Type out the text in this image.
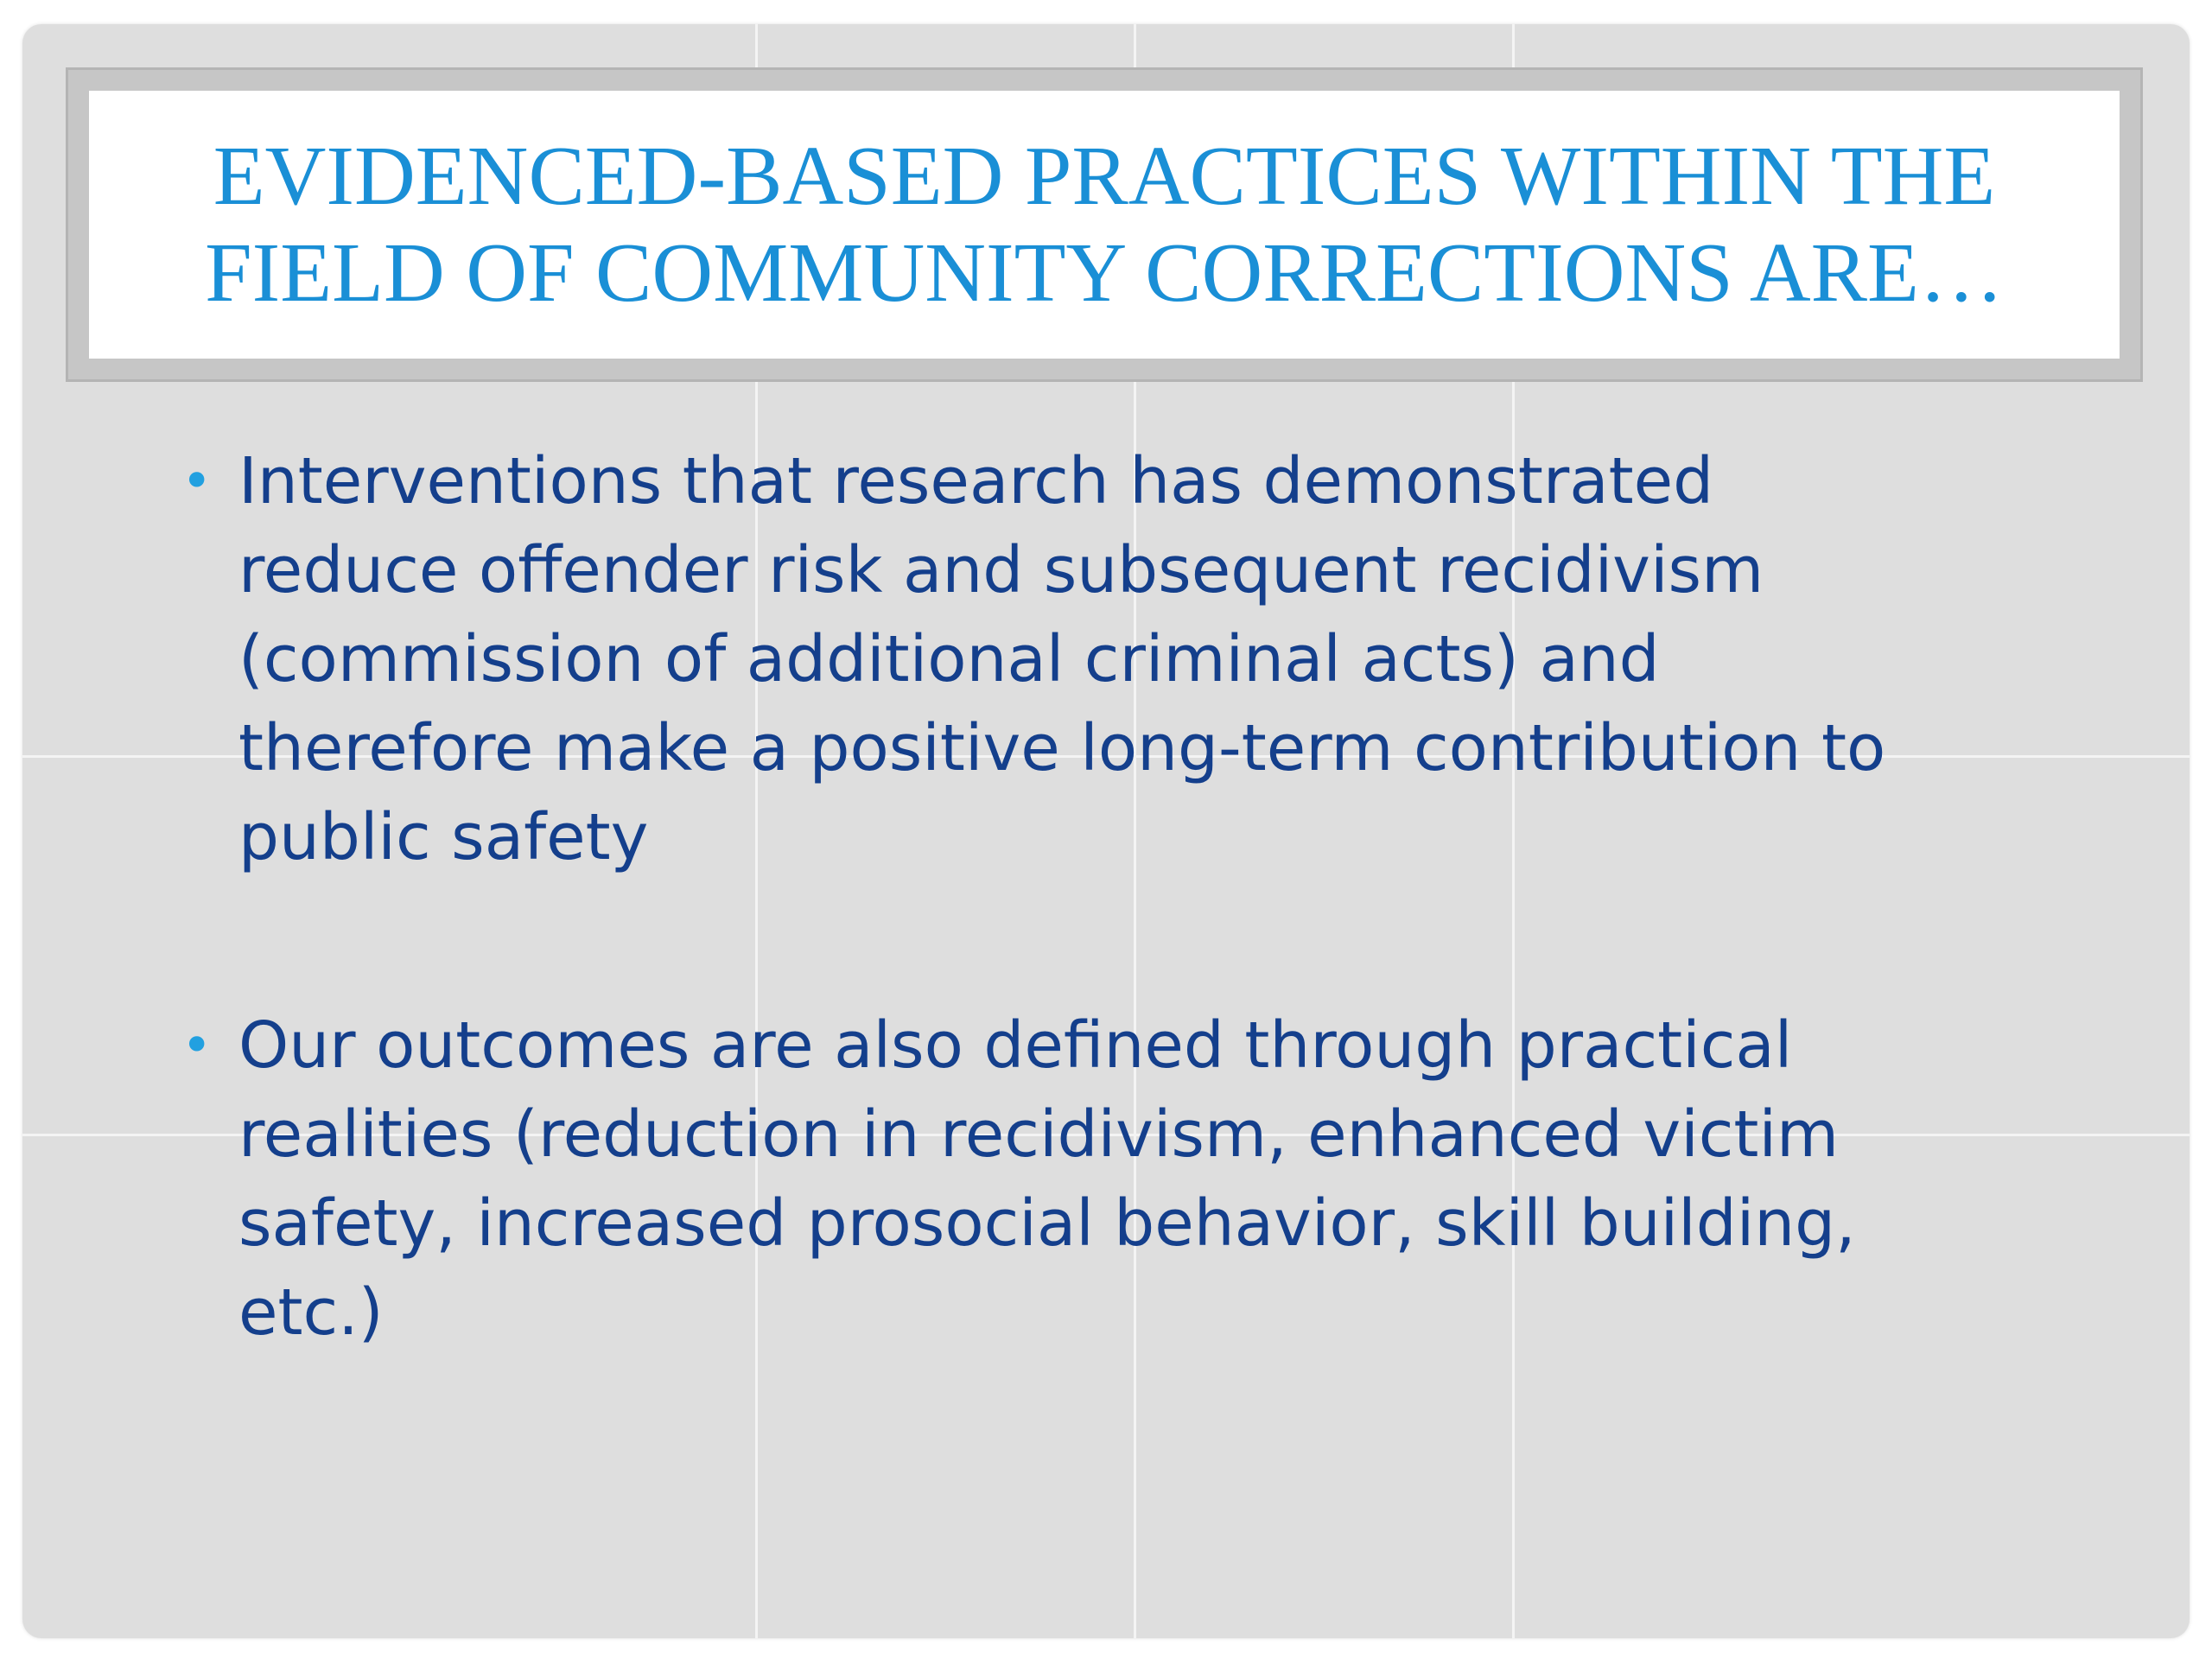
EVIDENCED-BASED PRACTICES WITHIN THE
FIELD OF COMMUNITY CORRECTIONS ARE…
• Interventions that research has demonstrated
reduce offender risk and subsequent recidivism
(commission of additional criminal acts) and
therefore make a positive long-term contribution to
public safety
• Our outcomes are also defined through practical
realities (reduction in recidivism, enhanced victim
safety, increased prosocial behavior, skill building,
etc.)
